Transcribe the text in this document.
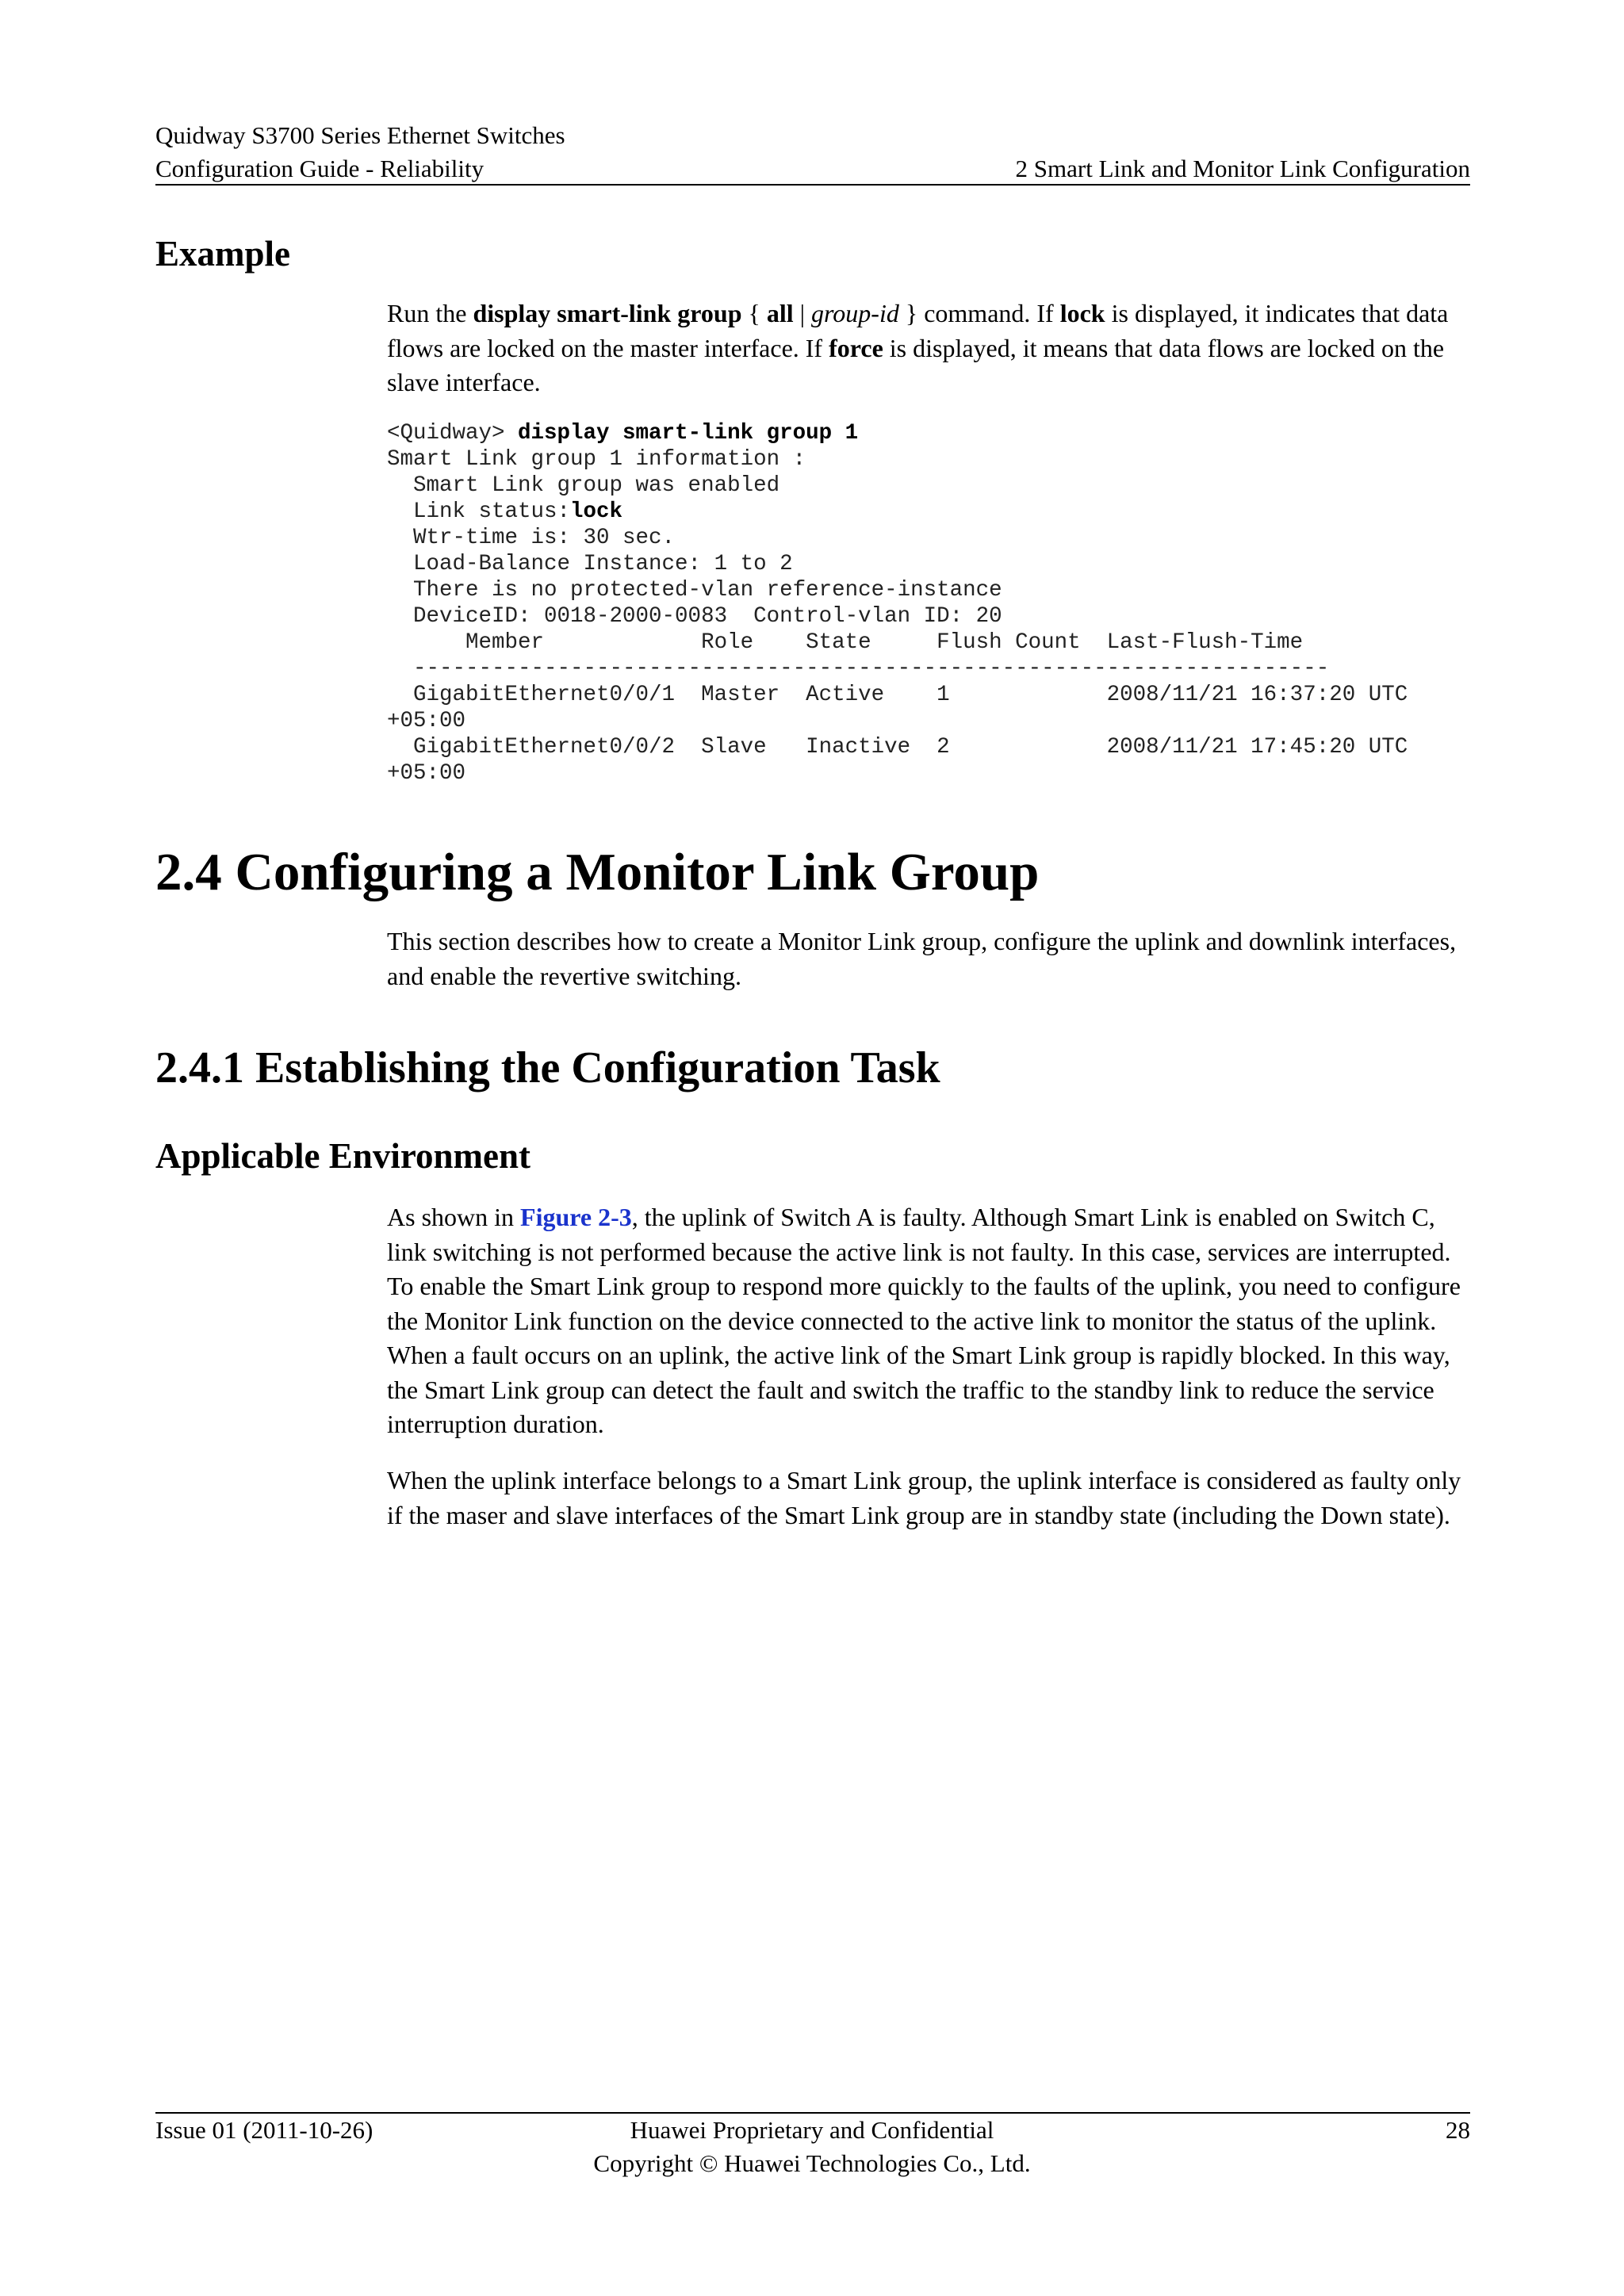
Quidway S3700 Series Ethernet Switches
Configuration Guide - Reliability	2 Smart Link and Monitor Link Configuration
Example

Run the display smart-link group { all | group-id } command. If lock is displayed, it indicates that data flows are locked on the master interface. If force is displayed, it means that data flows are locked on the slave interface.

<Quidway> display smart-link group 1
Smart Link group 1 information :
Smart Link group was enabled
Link status:lock
Wtr-time is: 30 sec.
Load-Balance Instance: 1 to 2
There is no protected-vlan reference-instance
DeviceID: 0018-2000-0083  Control-vlan ID: 20
Member            Role    State     Flush Count  Last-Flush-Time
----------------------------------------------------------------------
GigabitEthernet0/0/1  Master  Active    1            2008/11/21 16:37:20 UTC
+05:00
GigabitEthernet0/0/2  Slave   Inactive  2            2008/11/21 17:45:20 UTC
+05:00
2.4 Configuring a Monitor Link Group

This section describes how to create a Monitor Link group, configure the uplink and downlink interfaces, and enable the revertive switching.

2.4.1 Establishing the Configuration Task
Applicable Environment

As shown in Figure 2-3, the uplink of Switch A is faulty. Although Smart Link is enabled on Switch C, link switching is not performed because the active link is not faulty. In this case, services are interrupted. To enable the Smart Link group to respond more quickly to the faults of the uplink, you need to configure the Monitor Link function on the device connected to the active link to monitor the status of the uplink. When a fault occurs on an uplink, the active link of the Smart Link group is rapidly blocked. In this way, the Smart Link group can detect the fault and switch the traffic to the standby link to reduce the service interruption duration.

When the uplink interface belongs to a Smart Link group, the uplink interface is considered as faulty only if the maser and slave interfaces of the Smart Link group are in standby state (including the Down state).

Issue 01 (2011-10-26)	Huawei Proprietary and Confidential
Copyright © Huawei Technologies Co., Ltd.
28
